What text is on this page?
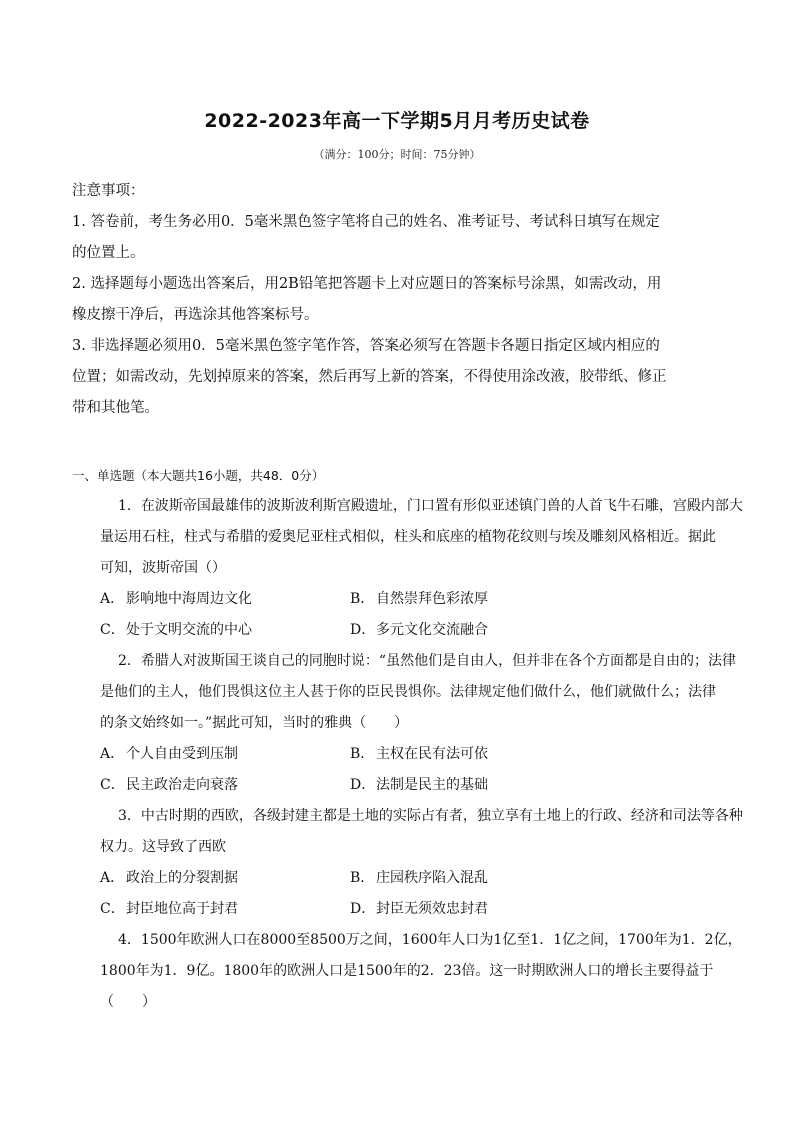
2022-2023年高一下学期5月月考历史试卷
（满分：100分；时间：75分钟）
注意事项：
1. 答卷前，考生务必用0．5毫米黑色签字笔将自己的姓名、准考证号、考试科日填写在规定
的位置上。
2. 选择题每小题选出答案后，用2B铅笔把答题卡上对应题日的答案标号涂黑，如需改动，用
橡皮擦干净后，再选涂其他答案标号。
3. 非选择题必须用0．5毫米黑色签字笔作答，答案必须写在答题卡各题日指定区域内相应的
位置；如需改动，先划掉原来的答案，然后再写上新的答案，不得使用涂改液，胶带纸、修正
带和其他笔。
一、单选题（本大题共16小题，共48．0分）
1．在波斯帝国最雄伟的波斯波利斯宫殿遗址，门口置有形似亚述镇门兽的人首飞牛石雕，宫殿内部大
量运用石柱，柱式与希腊的爱奥尼亚柱式相似，柱头和底座的植物花纹则与埃及雕刻风格相近。据此
可知，波斯帝国（）
A． 影响地中海周边文化	B． 自然崇拜色彩浓厚
C．处于文明交流的中心	D．多元文化交流融合
2．希腊人对波斯国王谈自己的同胞时说：“虽然他们是自由人，但并非在各个方面都是自由的；法律
是他们的主人，他们畏惧这位主人甚于你的臣民畏惧你。法律规定他们做什么，他们就做什么；法律
的条文始终如一。”据此可知，当时的雅典（　　）
A． 个人自由受到压制	B． 主权在民有法可依
C．民主政治走向衰落	D．法制是民主的基础
3．中古时期的西欧，各级封建主都是土地的实际占有者，独立享有土地上的行政、经济和司法等各种
权力。这导致了西欧
A． 政治上的分裂割据	B． 庄园秩序陷入混乱
C．封臣地位高于封君	D．封臣无须效忠封君
4．1500年欧洲人口在8000至8500万之间，1600年人口为1亿至1．1亿之间，1700年为1．2亿，
1800年为1．9亿。1800年的欧洲人口是1500年的2．23倍。这一时期欧洲人口的增长主要得益于
（　　）
